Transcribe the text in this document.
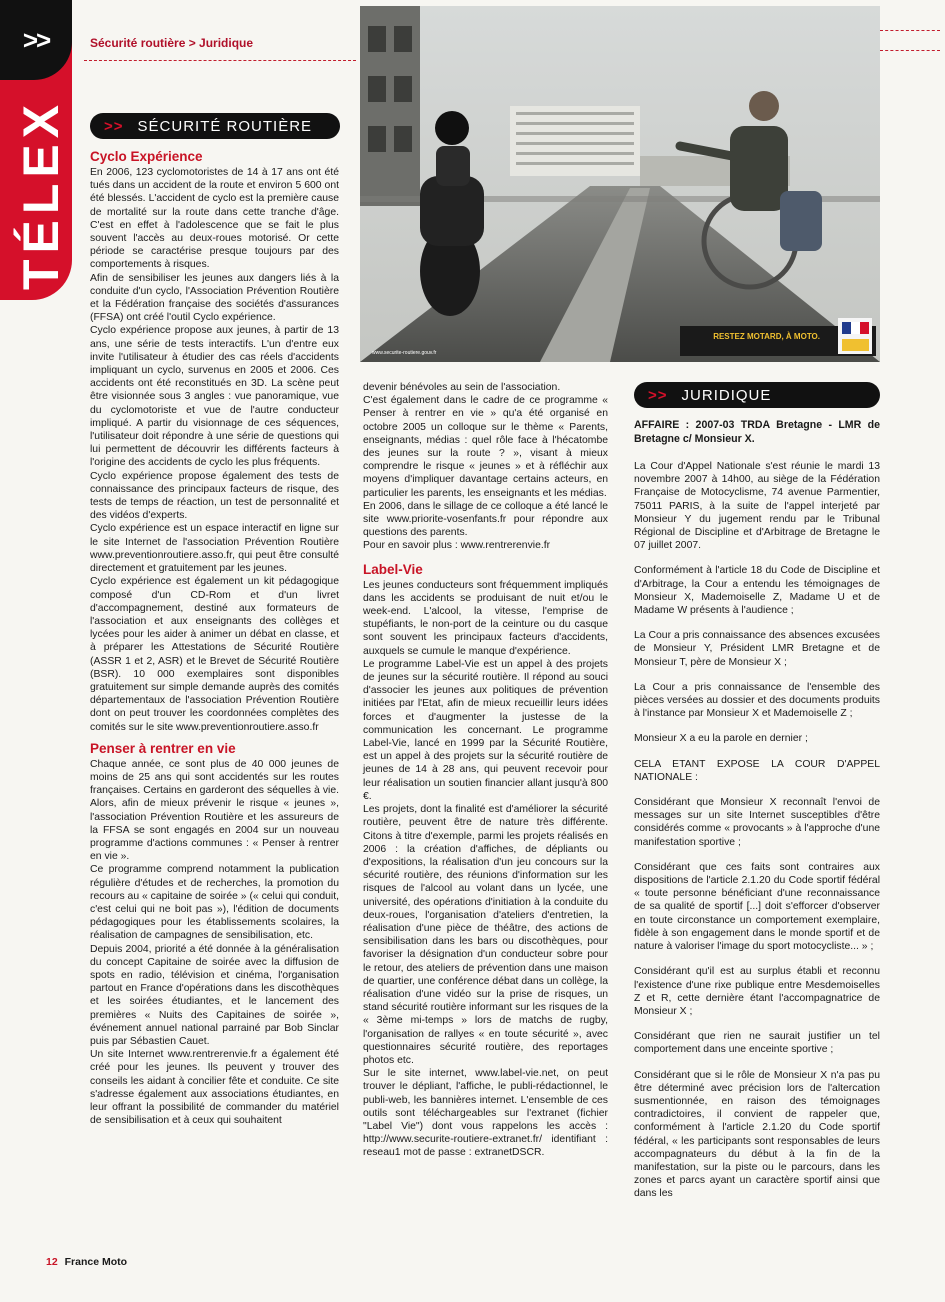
>>
TÉLEX
Sécurité routière > Juridique
RESTEZ MOTARD, À MOTO.
www.securite-routiere.gouv.fr
>> SÉCURITÉ ROUTIÈRE
Cyclo Expérience

En 2006, 123 cyclomotoristes de 14 à 17 ans ont été tués dans un accident de la route et environ 5 600 ont été blessés. L'accident de cyclo est la première cause de mortalité sur la route dans cette tranche d'âge. C'est en effet à l'adolescence que se fait le plus souvent l'accès au deux-roues motorisé. Or cette période se caractérise presque toujours par des comportements à risques.

Afin de sensibiliser les jeunes aux dangers liés à la conduite d'un cyclo, l'Association Prévention Routière et la Fédération française des sociétés d'assurances (FFSA) ont créé l'outil Cyclo expérience.

Cyclo expérience propose aux jeunes, à partir de 13 ans, une série de tests interactifs. L'un d'entre eux invite l'utilisateur à étudier des cas réels d'accidents impliquant un cyclo, survenus en 2005 et 2006. Ces accidents ont été reconstitués en 3D. La scène peut être visionnée sous 3 angles : vue panoramique, vue du cyclomotoriste et vue de l'autre conducteur impliqué. A partir du visionnage de ces séquences, l'utilisateur doit répondre à une série de questions qui lui permettent de découvrir les différents facteurs à l'origine des accidents de cyclo les plus fréquents.

Cyclo expérience propose également des tests de connaissance des principaux facteurs de risque, des tests de temps de réaction, un test de personnalité et des vidéos d'experts.

Cyclo expérience est un espace interactif en ligne sur le site Internet de l'association Prévention Routière www.preventionroutiere.asso.fr, qui peut être consulté directement et gratuitement par les jeunes.

Cyclo expérience est également un kit pédagogique composé d'un CD-Rom et d'un livret d'accompagnement, destiné aux formateurs de l'association et aux enseignants des collèges et lycées pour les aider à animer un débat en classe, et à préparer les Attestations de Sécurité Routière (ASSR 1 et 2, ASR) et le Brevet de Sécurité Routière (BSR). 10 000 exemplaires sont disponibles gratuitement sur simple demande auprès des comités départementaux de l'association Prévention Routière dont on peut trouver les coordonnées complètes des comités sur le site www.preventionroutiere.asso.fr

Penser à rentrer en vie

Chaque année, ce sont plus de 40 000 jeunes de moins de 25 ans qui sont accidentés sur les routes françaises. Certains en garderont des séquelles à vie. Alors, afin de mieux prévenir le risque « jeunes », l'association Prévention Routière et les assureurs de la FFSA se sont engagés en 2004 sur un nouveau programme d'actions communes : « Penser à rentrer en vie ».

Ce programme comprend notamment la publication régulière d'études et de recherches, la promotion du recours au « capitaine de soirée » (« celui qui conduit, c'est celui qui ne boit pas »), l'édition de documents pédagogiques pour les établissements scolaires, la réalisation de campagnes de sensibilisation, etc.

Depuis 2004, priorité a été donnée à la généralisation du concept Capitaine de soirée avec la diffusion de spots en radio, télévision et cinéma, l'organisation partout en France d'opérations dans les discothèques et les soirées étudiantes, et le lancement des premières « Nuits des Capitaines de soirée », événement annuel national parrainé par Bob Sinclar puis par Sébastien Cauet.

Un site Internet www.rentrerenvie.fr a également été créé pour les jeunes. Ils peuvent y trouver des conseils les aidant à concilier fête et conduite. Ce site s'adresse également aux associations étudiantes, en leur offrant la possibilité de commander du matériel de sensibilisation et à ceux qui souhaitent

devenir bénévoles au sein de l'association.

C'est également dans le cadre de ce programme « Penser à rentrer en vie » qu'a été organisé en octobre 2005 un colloque sur le thème « Parents, enseignants, médias : quel rôle face à l'hécatombe des jeunes sur la route ? », visant à mieux comprendre le risque « jeunes » et à réfléchir aux moyens d'impliquer davantage certains acteurs, en particulier les parents, les enseignants et les médias.

En 2006, dans le sillage de ce colloque a été lancé le site www.priorite-vosenfants.fr pour répondre aux questions des parents.

Pour en savoir plus : www.rentrerenvie.fr

Label-Vie

Les jeunes conducteurs sont fréquemment impliqués dans les accidents se produisant de nuit et/ou le week-end. L'alcool, la vitesse, l'emprise de stupéfiants, le non-port de la ceinture ou du casque sont souvent les principaux facteurs d'accidents, auxquels se cumule le manque d'expérience.

Le programme Label-Vie est un appel à des projets de jeunes sur la sécurité routière. Il répond au souci d'associer les jeunes aux politiques de prévention initiées par l'Etat, afin de mieux recueillir leurs idées forces et d'augmenter la justesse de la communication les concernant. Le programme Label-Vie, lancé en 1999 par la Sécurité Routière, est un appel à des projets sur la sécurité routière de jeunes de 14 à 28 ans, qui peuvent recevoir pour leur réalisation un soutien financier allant jusqu'à 800 €.

Les projets, dont la finalité est d'améliorer la sécurité routière, peuvent être de nature très différente. Citons à titre d'exemple, parmi les projets réalisés en 2006 : la création d'affiches, de dépliants ou d'expositions, la réalisation d'un jeu concours sur la sécurité routière, des réunions d'information sur les risques de l'alcool au volant dans un lycée, une université, des opérations d'initiation à la conduite du deux-roues, l'organisation d'ateliers d'entretien, la réalisation d'une pièce de théâtre, des actions de sensibilisation dans les bars ou discothèques, pour favoriser la désignation d'un conducteur sobre pour le retour, des ateliers de prévention dans une maison de quartier, une conférence débat dans un collège, la réalisation d'une vidéo sur la prise de risques, un stand sécurité routière informant sur les risques de la « 3ème mi-temps » lors de matchs de rugby, l'organisation de rallyes « en toute sécurité », avec questionnaires sécurité routière, des reportages photos etc.

Sur le site internet, www.label-vie.net, on peut trouver le dépliant, l'affiche, le publi-rédactionnel, le publi-web, les bannières internet. L'ensemble de ces outils sont téléchargeables sur l'extranet (fichier "Label Vie") dont vous rappelons les accès : http://www.securite-routiere-extranet.fr/ identifiant : reseau1 mot de passe : extranetDSCR.

>> JURIDIQUE

AFFAIRE : 2007-03 TRDA Bretagne - LMR de Bretagne c/ Monsieur X.

La Cour d'Appel Nationale s'est réunie le mardi 13 novembre 2007 à 14h00, au siège de la Fédération Française de Motocyclisme, 74 avenue Parmentier, 75011 PARIS, à la suite de l'appel interjeté par Monsieur Y du jugement rendu par le Tribunal Régional de Discipline et d'Arbitrage de Bretagne le 07 juillet 2007.

Conformément à l'article 18 du Code de Discipline et d'Arbitrage, la Cour a entendu les témoignages de Monsieur X, Mademoiselle Z, Madame U et de Madame W présents à l'audience ;

La Cour a pris connaissance des absences excusées de Monsieur Y, Président LMR Bretagne et de Monsieur T, père de Monsieur X ;

La Cour a pris connaissance de l'ensemble des pièces versées au dossier et des documents produits à l'instance par Monsieur X et Mademoiselle Z ;

Monsieur X a eu la parole en dernier ;

CELA ETANT EXPOSE LA COUR D'APPEL NATIONALE :

Considérant que Monsieur X reconnaît l'envoi de messages sur un site Internet susceptibles d'être considérés comme « provocants » à l'approche d'une manifestation sportive ;

Considérant que ces faits sont contraires aux dispositions de l'article 2.1.20 du Code sportif fédéral « toute personne bénéficiant d'une reconnaissance de sa qualité de sportif [...] doit s'efforcer d'observer en toute circonstance un comportement exemplaire, fidèle à son engagement dans le monde sportif et de nature à valoriser l'image du sport motocycliste... » ;

Considérant qu'il est au surplus établi et reconnu l'existence d'une rixe publique entre Mesdemoiselles Z et R, cette dernière étant l'accompagnatrice de Monsieur X ;

Considérant que rien ne saurait justifier un tel comportement dans une enceinte sportive ;

Considérant que si le rôle de Monsieur X n'a pas pu être déterminé avec précision lors de l'altercation susmentionnée, en raison des témoignages contradictoires, il convient de rappeler que, conformément à l'article 2.1.20 du Code sportif fédéral, « les participants sont responsables de leurs accompagnateurs du début à la fin de la manifestation, sur la piste ou le parcours, dans les zones et parcs ayant un caractère sportif ainsi que dans les

12 France Moto
